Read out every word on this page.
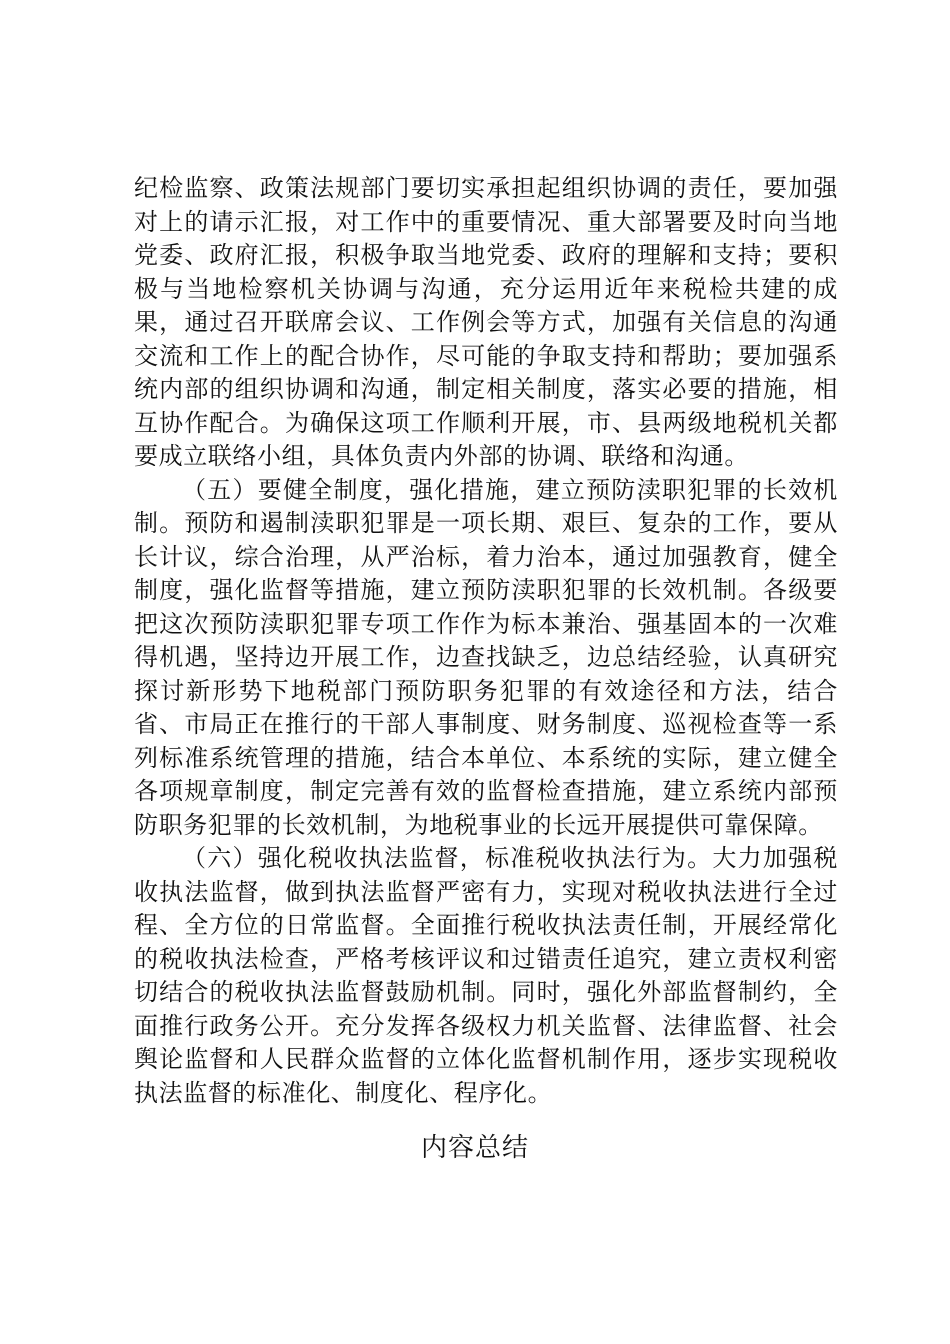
纪检监察、政策法规部门要切实承担起组织协调的责任，要加强对上的请示汇报，对工作中的重要情况、重大部署要及时向当地党委、政府汇报，积极争取当地党委、政府的理解和支持；要积极与当地检察机关协调与沟通，充分运用近年来税检共建的成果，通过召开联席会议、工作例会等方式，加强有关信息的沟通交流和工作上的配合协作，尽可能的争取支持和帮助；要加强系统内部的组织协调和沟通，制定相关制度，落实必要的措施，相互协作配合。为确保这项工作顺利开展，市、县两级地税机关都要成立联络小组，具体负责内外部的协调、联络和沟通。

（五）要健全制度，强化措施，建立预防渎职犯罪的长效机制。预防和遏制渎职犯罪是一项长期、艰巨、复杂的工作，要从长计议，综合治理，从严治标，着力治本，通过加强教育，健全制度，强化监督等措施，建立预防渎职犯罪的长效机制。各级要把这次预防渎职犯罪专项工作作为标本兼治、强基固本的一次难得机遇，坚持边开展工作，边查找缺乏，边总结经验，认真研究探讨新形势下地税部门预防职务犯罪的有效途径和方法，结合省、市局正在推行的干部人事制度、财务制度、巡视检查等一系列标准系统管理的措施，结合本单位、本系统的实际，建立健全各项规章制度，制定完善有效的监督检查措施，建立系统内部预防职务犯罪的长效机制，为地税事业的长远开展提供可靠保障。

（六）强化税收执法监督，标准税收执法行为。大力加强税收执法监督，做到执法监督严密有力，实现对税收执法进行全过程、全方位的日常监督。全面推行税收执法责任制，开展经常化的税收执法检查，严格考核评议和过错责任追究，建立责权利密切结合的税收执法监督鼓励机制。同时，强化外部监督制约，全面推行政务公开。充分发挥各级权力机关监督、法律监督、社会舆论监督和人民群众监督的立体化监督机制作用，逐步实现税收执法监督的标准化、制度化、程序化。

内容总结
